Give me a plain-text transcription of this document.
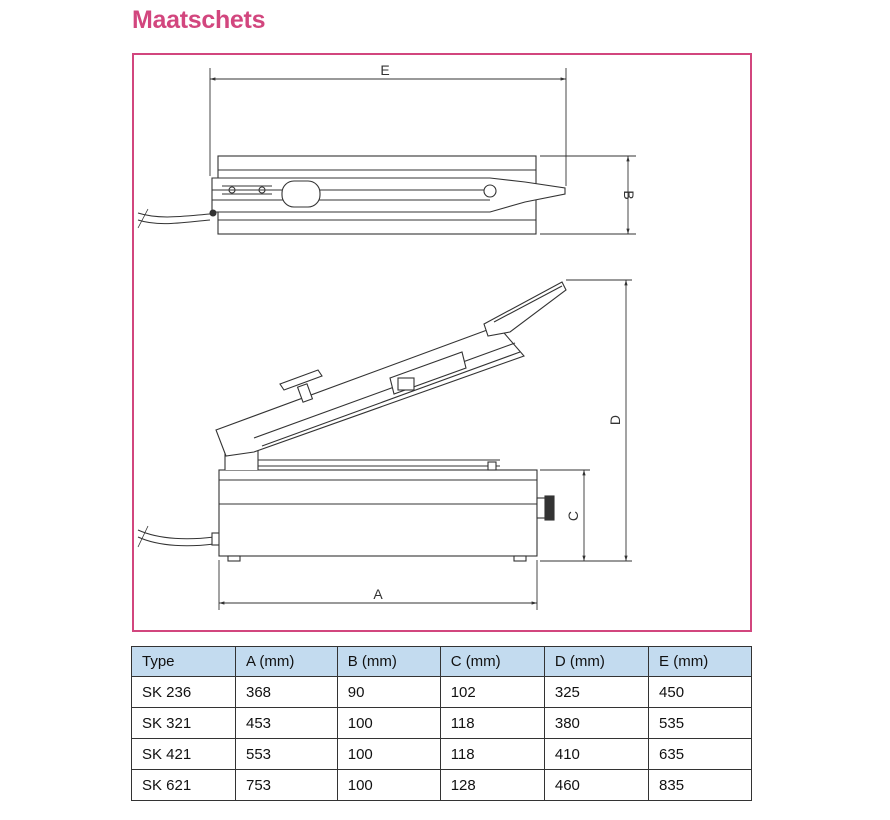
Maatschets
E
B
A
C
D
Type	A (mm)	B (mm)	C (mm)	D (mm)	E (mm)
SK 236	368	90	102	325	450
SK 321	453	100	118	380	535
SK 421	553	100	118	410	635
SK 621	753	100	128	460	835
